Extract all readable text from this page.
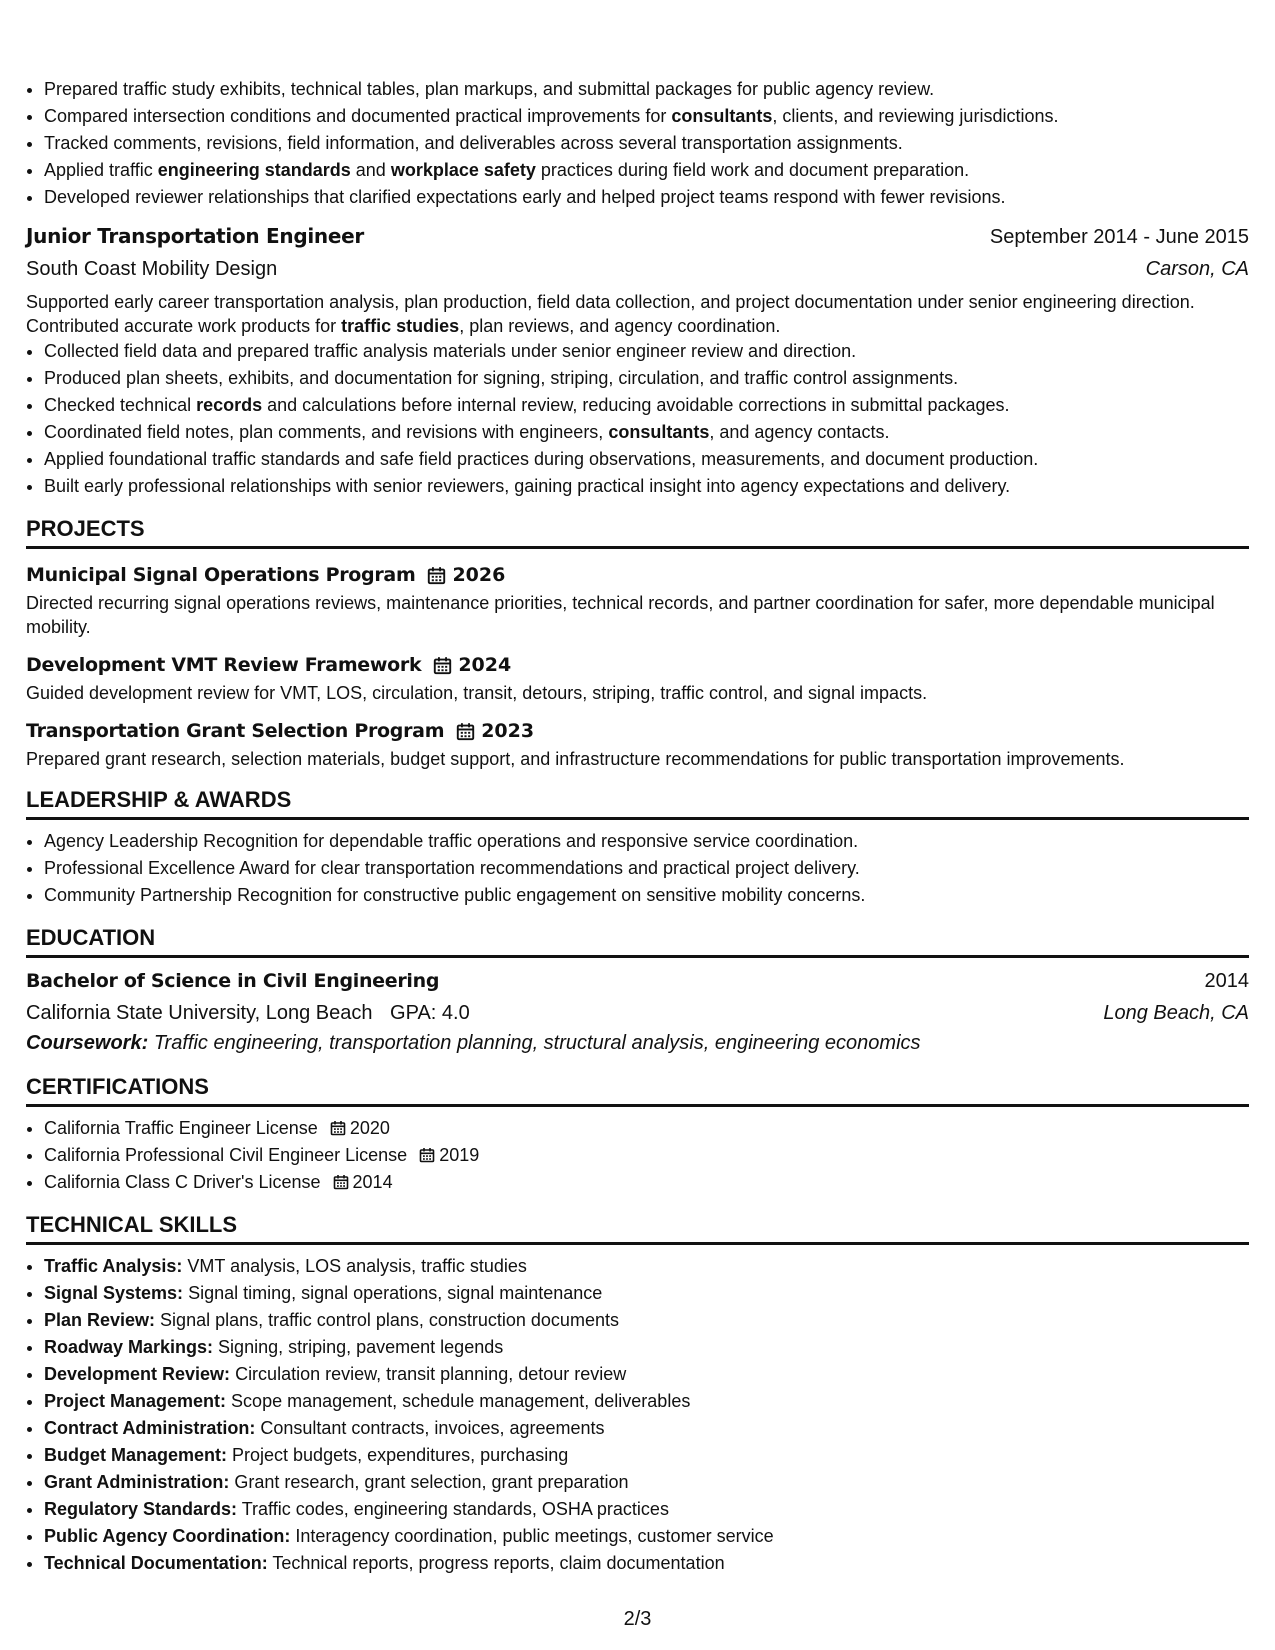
• Prepared traffic study exhibits, technical tables, plan markups, and submittal packages for public agency review.
• Compared intersection conditions and documented practical improvements for consultants, clients, and reviewing jurisdictions.
• Tracked comments, revisions, field information, and deliverables across several transportation assignments.
• Applied traffic engineering standards and workplace safety practices during field work and document preparation.
• Developed reviewer relationships that clarified expectations early and helped project teams respond with fewer revisions.
Junior Transportation Engineer	September 2014 - June 2015
South Coast Mobility Design	Carson, CA
Supported early career transportation analysis, plan production, field data collection, and project documentation under senior engineering direction. Contributed accurate work products for traffic studies, plan reviews, and agency coordination.
• Collected field data and prepared traffic analysis materials under senior engineer review and direction.
• Produced plan sheets, exhibits, and documentation for signing, striping, circulation, and traffic control assignments.
• Checked technical records and calculations before internal review, reducing avoidable corrections in submittal packages.
• Coordinated field notes, plan comments, and revisions with engineers, consultants, and agency contacts.
• Applied foundational traffic standards and safe field practices during observations, measurements, and document production.
• Built early professional relationships with senior reviewers, gaining practical insight into agency expectations and delivery.
PROJECTS
Municipal Signal Operations Program 2026
Directed recurring signal operations reviews, maintenance priorities, technical records, and partner coordination for safer, more dependable municipal mobility.
Development VMT Review Framework 2024
Guided development review for VMT, LOS, circulation, transit, detours, striping, traffic control, and signal impacts.
Transportation Grant Selection Program 2023
Prepared grant research, selection materials, budget support, and infrastructure recommendations for public transportation improvements.
LEADERSHIP & AWARDS
• Agency Leadership Recognition for dependable traffic operations and responsive service coordination.
• Professional Excellence Award for clear transportation recommendations and practical project delivery.
• Community Partnership Recognition for constructive public engagement on sensitive mobility concerns.
EDUCATION
Bachelor of Science in Civil Engineering	2014
California State University, Long Beach GPA: 4.0	Long Beach, CA
Coursework: Traffic engineering, transportation planning, structural analysis, engineering economics
CERTIFICATIONS
• California Traffic Engineer License 2020
• California Professional Civil Engineer License 2019
• California Class C Driver's License 2014
TECHNICAL SKILLS
• Traffic Analysis: VMT analysis, LOS analysis, traffic studies
• Signal Systems: Signal timing, signal operations, signal maintenance
• Plan Review: Signal plans, traffic control plans, construction documents
• Roadway Markings: Signing, striping, pavement legends
• Development Review: Circulation review, transit planning, detour review
• Project Management: Scope management, schedule management, deliverables
• Contract Administration: Consultant contracts, invoices, agreements
• Budget Management: Project budgets, expenditures, purchasing
• Grant Administration: Grant research, grant selection, grant preparation
• Regulatory Standards: Traffic codes, engineering standards, OSHA practices
• Public Agency Coordination: Interagency coordination, public meetings, customer service
• Technical Documentation: Technical reports, progress reports, claim documentation
2/3
